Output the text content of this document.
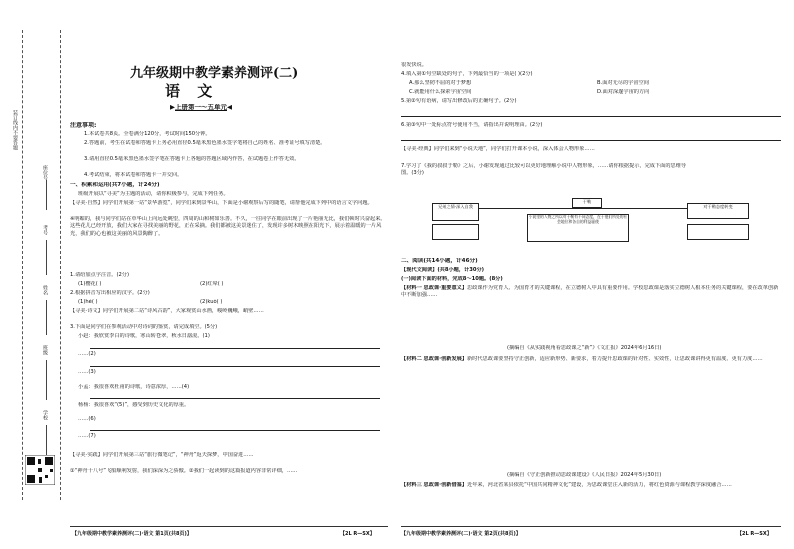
装订线内不要答题
学校
班级
姓名
考号
座位号
九年级期中教学素养测评(二)
语 文
▶上册第一～五单元◀
注意事项:
1.本试卷共8页。全卷满分120分，考试时间150分钟。
2.答题前，考生在试卷和答题卡上务必用直径0.5毫米黑色墨水签字笔将自己的姓名、准考证号填写清楚。
3.请用直径0.5毫米黑色墨水签字笔在答题卡上各题的答题区域内作答，在试题卷上作答无效。
4.考试结束，将本试卷和答题卡一并交回。
一、积累和运用(共7小题，计24分)
班级开展以“寻美”为主题的活动，请你积极参与，完成下列任务。
【寻美·自然】同学们开展第一站“景华游览”，同学们来到景华山，下面是小谢观察后写的随笔，请帮他完成下列中的语言文字问题。
※明媚的，我与同学们站在草华山上向远处眺望，四周的山和树如乐善。不久，一往同学在眼前出现了一片艳丽无比，我们顿时兴奋起来。这些花儿已经开放，我们大家在寻找美丽的野花，正在采摘。我们都被这美景迷住了，发现许多树木映照在阳光下，展示着温暖的一片风光，我们的心也被这美丽的风景陶醉了。
1.请给加点字注音。(2分)
(1)樱花( )	(2)红晕( )
2.根据拼音写出相应的汉字。(2分)
(1)hé( )	(2)kuò( )
【寻美·诗文】同学们开展第二站“诗风古韵”，大家观赏山水画，峻岭巍峨，峭壁……
3.下面是同学们在参观活动中对诗词的鉴赏，请完成填空。(5分)
小赵：我欣赏李白的诗歌，寒山转苍翠，秋水日潺湲。(1)
……(2)
……(3)
小孟：我很喜欢杜甫的诗歌，诗意浓厚，……(4)
杨杨：我很喜欢“(5)”，感受到历史文化的厚重。
……(6)
……(7)
【寻美·实践】同学们开展第三站“旅行微笔记”，“神舟”返天探梦，中国奋进……
①“神舟十八号”飞船顺利发射，我们深深为之骄傲。②我们一起读到的这篇报道内容非常详细，……
【九年级期中教学素养测评(二)·语文 第1页(共8页)】	【2L R—SX】
很发快说。
4.填入第①句空缺处的句子，下列最恰当的一项是( )(2分)
A.那么坚韧不屈的对于梦想	B.面对无尽的宇宙空间
C.就能用什么探索宇宙空间	D.面对深邃宇宙的方向
5.第②句有语病，请写出修改后的正确句子。(2分)
6.第③句中一处标点符号使用不当，请指出并说明理由。(2分)
【寻美·经典】同学们来到“小说天地”，同学们打开课本小说，深入体会人物形象……
7.学习了《我的叔叔于勒》之后，小谢发现通过比较可以更好地理解小说中人物形象，……请你根据提示，完成下面的思维导图。(3分)
于勒
兄弟之情·深入自我
小说里的人物之所以对于勒有不同态度，在于他们所处的社会地位和各自的利益驱使
对于勒态度转变
二、阅读(共14小题，计46分)
【现代文阅读】(共8小题，计30分)
(一)阅读下面的材料，完成8～10题。(8分)
【材料一 思政课·重要意义】思政课作为党育人、为国育才的关键课程，在立德树人中具有重要作用。学校思政课是落实立德树人根本任务的关键课程，要在改革创新中不断加强……
(摘编自《从实践视角看思政课之“新”》《文汇报》2024年6月16日)
【材料二 思政课·创新发展】新时代思政课要坚持守正创新，适应新形势、新要求，着力提升思政课的针对性、实效性，让思政课讲得更有温度、更有力度……
(摘编自《守正创新推动思政课建设》《人民日报》2024年5月30日)
【材料三 思政课·创新借鉴】近年来，河北省某县依托“中国共同精神文化”建设，为思政课堂注入新的活力，将红色资源与课程教学深度融合……
【九年级期中教学素养测评(二)·语文 第2页(共8页)】	【2L R—SX】
